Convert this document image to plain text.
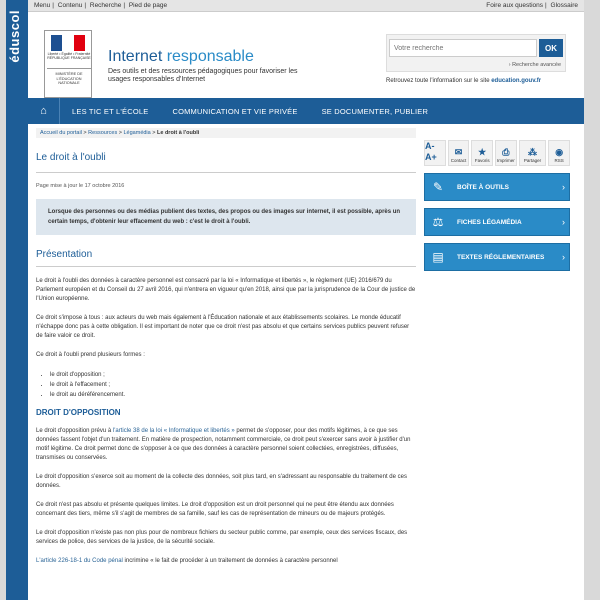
éduscol
Menu | Contenu | Recherche | Pied de page	Foire aux questions | Glossaire
Liberté • Égalité • Fraternité RÉPUBLIQUE FRANÇAISE
MINISTÈRE DE L'ÉDUCATION NATIONALE
Internet responsable
Des outils et des ressources pédagogiques pour favoriser les usages responsables d'Internet
Votre recherche
OK
› Recherche avancée
Retrouvez toute l'information sur le site education.gouv.fr
⌂	LES TIC ET L'ÉCOLE	COMMUNICATION ET VIE PRIVÉE	SE DOCUMENTER, PUBLIER
Accueil du portail > Ressources > Légamédia > Le droit à l'oubli
Le droit à l'oubli
Page mise à jour le 17 octobre 2016
Lorsque des personnes ou des médias publient des textes, des propos ou des images sur internet, il est possible, après un certain temps, d'obtenir leur effacement du web : c'est le droit à l'oubli.
Présentation

Le droit à l'oubli des données à caractère personnel est consacré par la loi « Informatique et libertés », le règlement (UE) 2016/679 du Parlement européen et du Conseil du 27 avril 2016, qui n'entrera en vigueur qu'en 2018, ainsi que par la jurisprudence de la Cour de justice de l'Union européenne.

Ce droit s'impose à tous : aux acteurs du web mais également à l'Éducation nationale et aux établissements scolaires. Le monde éducatif n'échappe donc pas à cette obligation. Il est important de noter que ce droit n'est pas absolu et que certains services publics peuvent refuser de faire valoir ce droit.

Ce droit à l'oubli prend plusieurs formes :

• le droit d'opposition ;
• le droit à l'effacement ;
• le droit au déréférencement.
DROIT D'OPPOSITION

Le droit d'opposition prévu à l'article 38 de la loi « Informatique et libertés » permet de s'opposer, pour des motifs légitimes, à ce que ses données fassent l'objet d'un traitement. En matière de prospection, notamment commerciale, ce droit peut s'exercer sans avoir à justifier d'un motif légitime. Ce droit permet donc de s'opposer à ce que des données à caractère personnel soient collectées, enregistrées, diffusées, transmises ou conservées.

Le droit d'opposition s'exerce soit au moment de la collecte des données, soit plus tard, en s'adressant au responsable du traitement de ces données.

Ce droit n'est pas absolu et présente quelques limites. Le droit d'opposition est un droit personnel qui ne peut être étendu aux données concernant des tiers, même s'il s'agit de membres de sa famille, sauf les cas de représentation de mineurs ou de majeurs protégés.

Le droit d'opposition n'existe pas non plus pour de nombreux fichiers du secteur public comme, par exemple, ceux des services fiscaux, des services de police, des services de la justice, de la sécurité sociale.

L'article 226-18-1 du Code pénal incrimine « le fait de procéder à un traitement de données à caractère personnel

A-A+	✉
Contact
★
Favoris
⎙
Imprimer
⁂
Partager
◉
RSS
✎	BOÎTE À OUTILS	›
⚖	FICHES LÉGAMÉDIA	›
▤	TEXTES RÉGLEMENTAIRES	›
